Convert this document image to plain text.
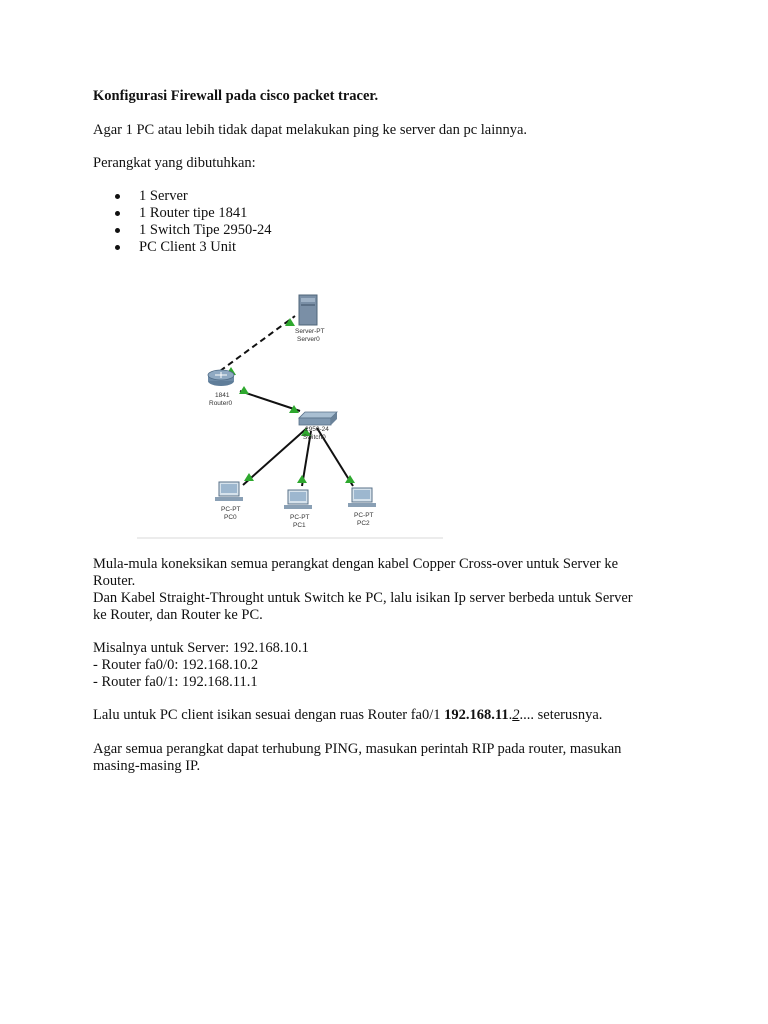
Konfigurasi Firewall pada cisco packet tracer.
Agar 1 PC atau lebih tidak dapat melakukan ping ke server dan pc lainnya.
Perangkat yang dibutuhkan:
1 Server
1 Router tipe 1841
1 Switch Tipe 2950-24
PC Client 3 Unit
Server-PT
Server0
1841
Router0
2950-24
Switch0
PC-PT
PC0	PC-PT
PC1
PC-PT
PC2
Mula-mula koneksikan semua perangkat dengan kabel Copper Cross-over untuk Server ke
Router.
Dan Kabel Straight-Throught untuk Switch ke PC, lalu isikan Ip server berbeda untuk Server
ke Router, dan Router ke PC.
Misalnya untuk Server: 192.168.10.1
- Router fa0/0: 192.168.10.2
- Router fa0/1: 192.168.11.1
Lalu untuk PC client isikan sesuai dengan ruas Router fa0/1 192.168.11.2.... seterusnya.
Agar semua perangkat dapat terhubung PING, masukan perintah RIP pada router, masukan
masing-masing IP.
